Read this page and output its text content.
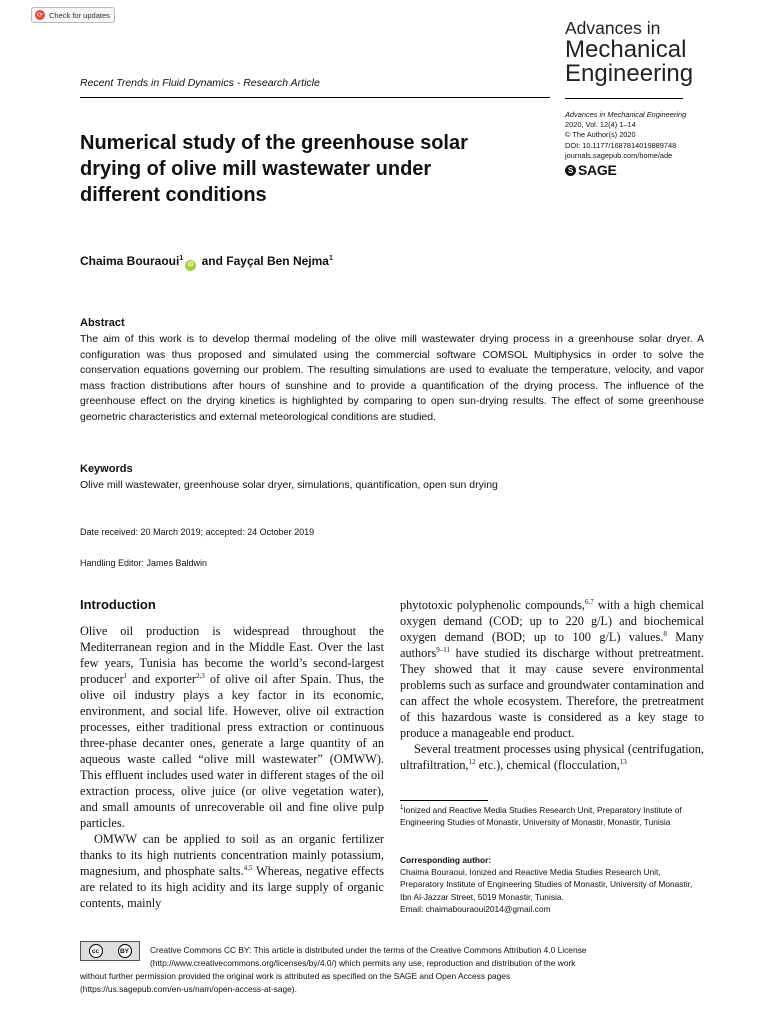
⟳ Check for updates
Advances in
Mechanical
Engineering
Recent Trends in Fluid Dynamics - Research Article
Advances in Mechanical Engineering
2020, Vol. 12(4) 1–14
© The Author(s) 2020
DOI: 10.1177/1687814019889748
journals.sagepub.com/home/ade
S SAGE
Numerical study of the greenhouse solar drying of olive mill wastewater under different conditions
Chaima Bouraoui$^1$iD and Fayçal Ben Nejma$^1$
Abstract
The aim of this work is to develop thermal modeling of the olive mill wastewater drying process in a greenhouse solar dryer. A configuration was thus proposed and simulated using the commercial software COMSOL Multiphysics in order to solve the conservation equations governing our problem. The resulting simulations are used to evaluate the temperature, velocity, and vapor mass fraction distributions after hours of sunshine and to provide a quantification of the drying process. The influence of the greenhouse effect on the drying kinetics is highlighted by comparing to open sun-drying results. The effect of some greenhouse geometric characteristics and external meteorological conditions are studied.
Keywords
Olive mill wastewater, greenhouse solar dryer, simulations, quantification, open sun drying
Date received: 20 March 2019; accepted: 24 October 2019
Handling Editor: James Baldwin
Introduction

Olive oil production is widespread throughout the Mediterranean region and in the Middle East. Over the last few years, Tunisia has become the world’s second-largest producer$^1$ and exporter$^{2,3}$ of olive oil after Spain. Thus, the olive oil industry plays a key factor in its economic, environment, and social life. However, olive oil extraction processes, either traditional press extraction or continuous three-phase decanter ones, generate a large quantity of an aqueous waste called “olive mill wastewater” (OMWW). This effluent includes used water in different stages of the oil extraction process, olive juice (or olive vegetation water), and small amounts of unrecoverable oil and fine olive pulp particles.

OMWW can be applied to soil as an organic fertilizer thanks to its high nutrients concentration mainly potassium, magnesium, and phosphate salts.$^{4,5}$ Whereas, negative effects are related to its high acidity and its large supply of organic contents, mainly

phytotoxic polyphenolic compounds,$^{6,7}$ with a high chemical oxygen demand (COD; up to 220 g/L) and biochemical oxygen demand (BOD; up to 100 g/L) values.$^8$ Many authors$^{9-11}$ have studied its discharge without pretreatment. They showed that it may cause severe environmental problems such as surface and groundwater contamination and can affect the whole ecosystem. Therefore, the pretreatment of this hazardous waste is considered as a key stage to produce a manageable end product.

Several treatment processes using physical (centrifugation, ultrafiltration,$^{12}$ etc.), chemical (flocculation,$^{13}$

$^1$Ionized and Reactive Media Studies Research Unit, Preparatory Institute of Engineering Studies of Monastir, University of Monastir, Monastir, Tunisia
Corresponding author:
Chaima Bouraoui, Ionized and Reactive Media Studies Research Unit, Preparatory Institute of Engineering Studies of Monastir, University of Monastir, Ibn Al-Jazzar Street, 5019 Monastir, Tunisia.
Email: chaimabouraoui2014@gmail.com
cc	BY	Creative Commons CC BY: This article is distributed under the terms of the Creative Commons Attribution 4.0 License
(http://www.creativecommons.org/licenses/by/4.0/) which permits any use, reproduction and distribution of the work
without further permission provided the original work is attributed as specified on the SAGE and Open Access pages
(https://us.sagepub.com/en-us/nam/open-access-at-sage).
